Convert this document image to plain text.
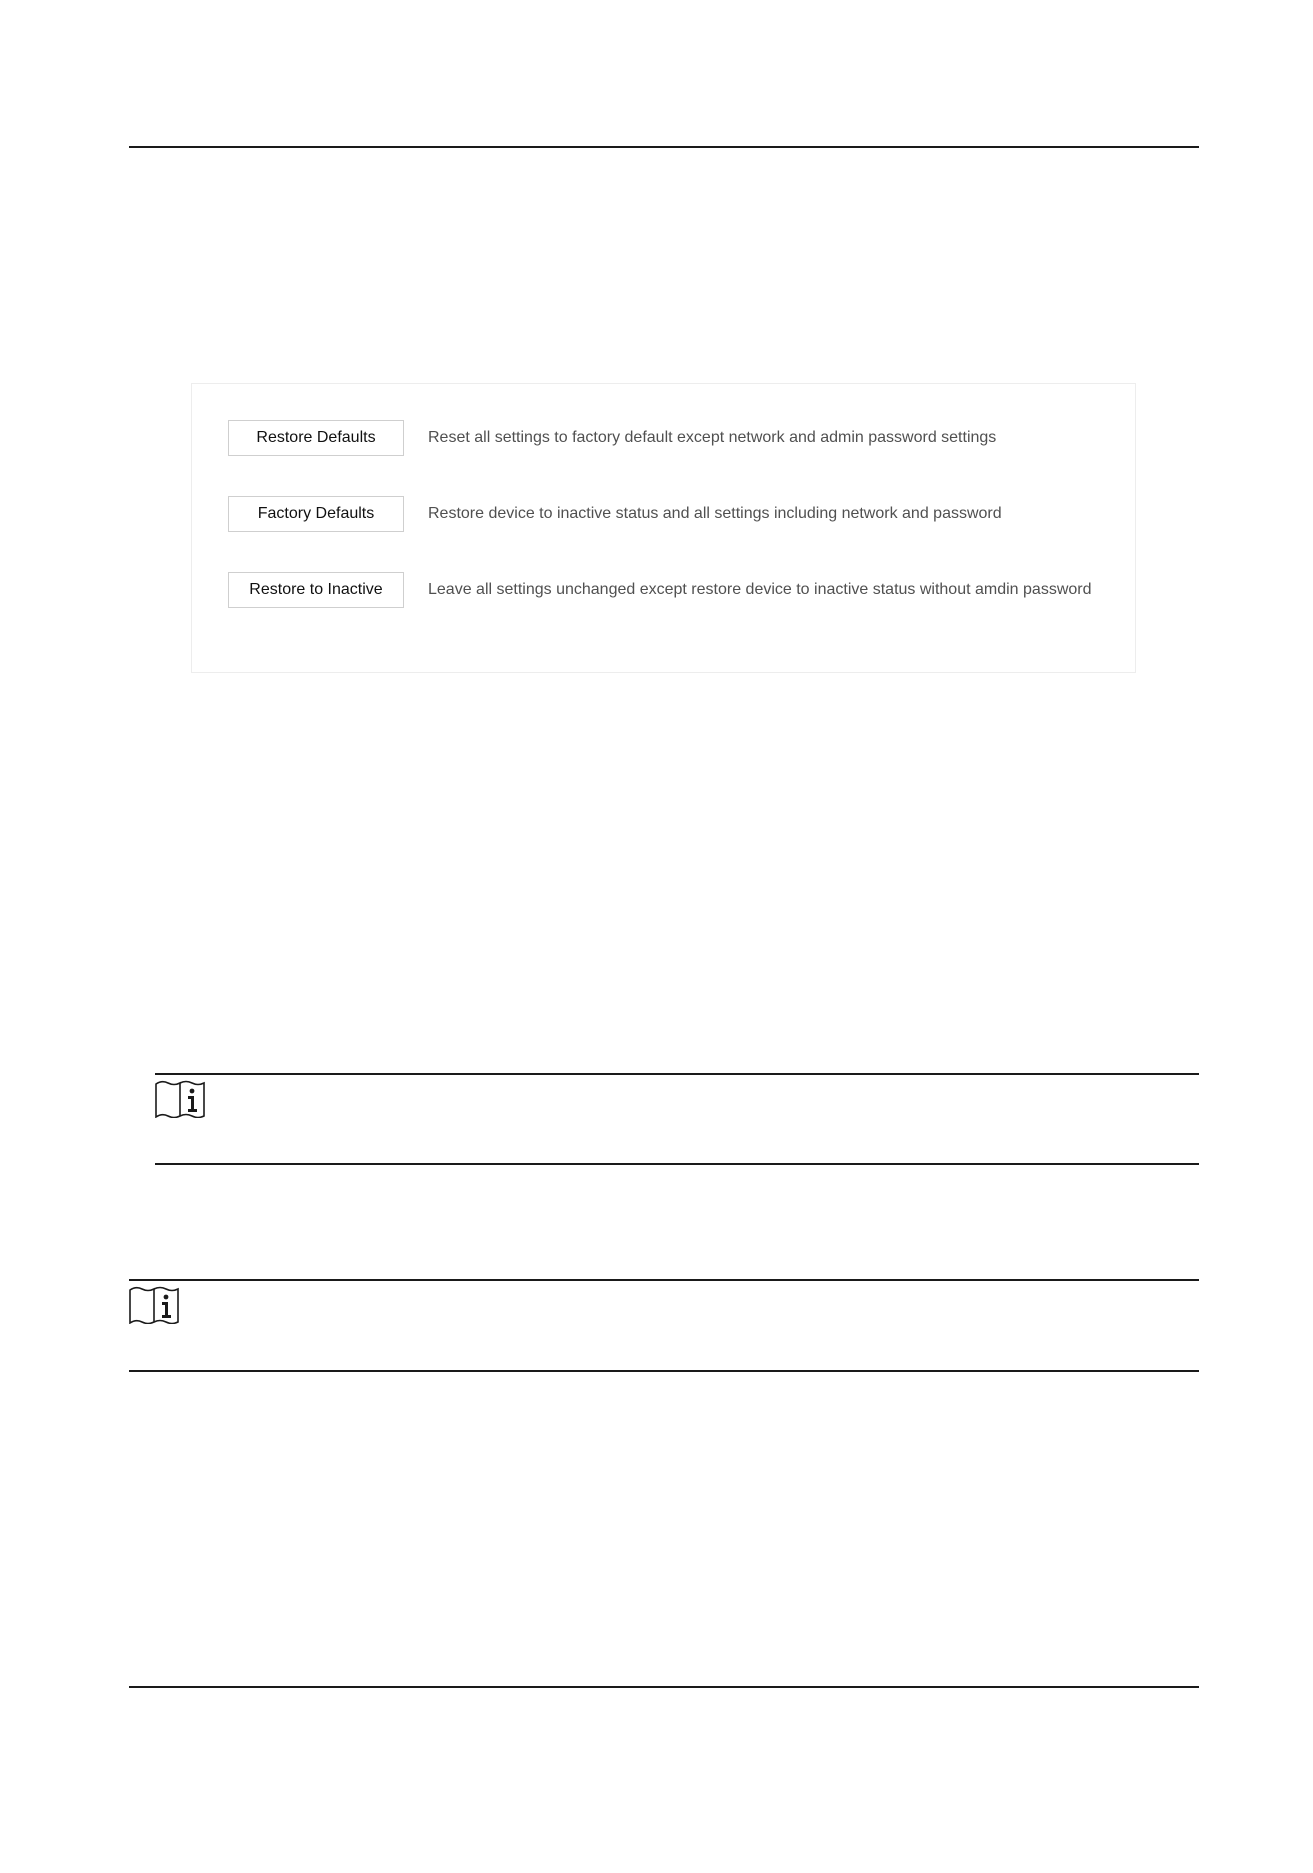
Restore Defaults	Reset all settings to factory default except network and admin password settings
Factory Defaults	Restore device to inactive status and all settings including network and password
Restore to Inactive	Leave all settings unchanged except restore device to inactive status without amdin password
